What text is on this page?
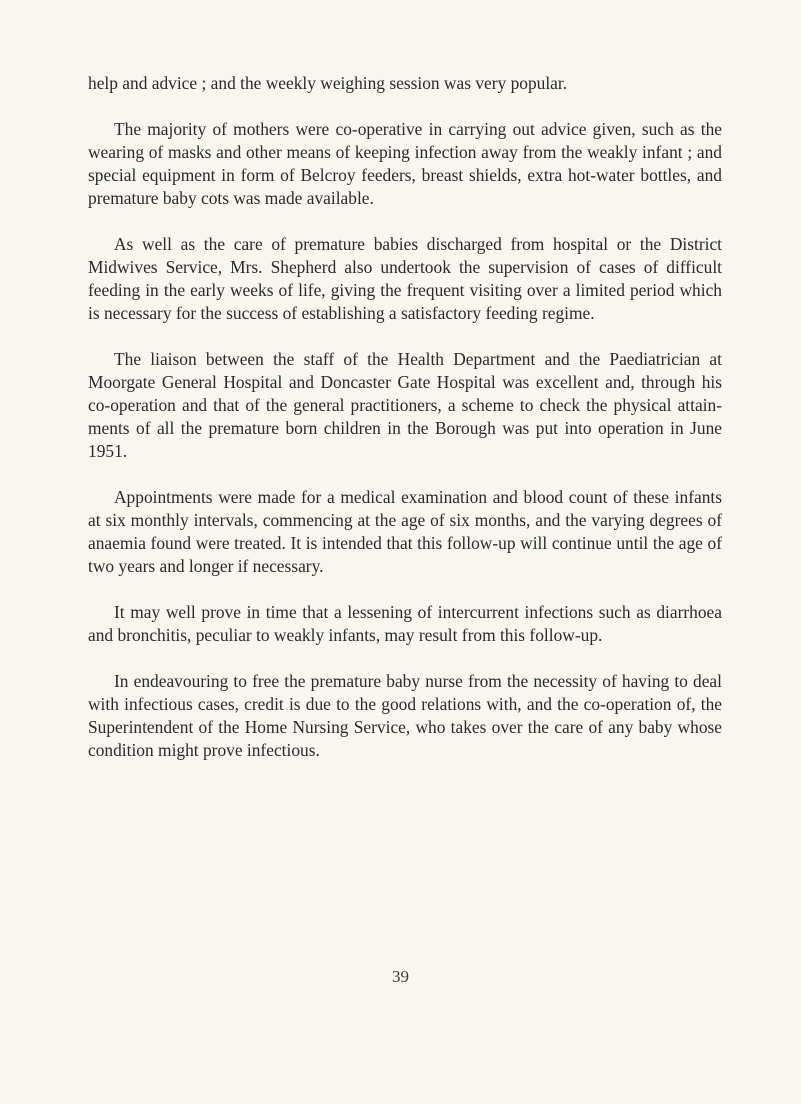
help and advice ; and the weekly weighing session was very popular.

The majority of mothers were co-operative in carrying out advice given, such as the wearing of masks and other means of keeping infection away from the weakly infant ; and special equipment in form of Belcroy feeders, breast shields, extra hot-water bottles, and premature baby cots was made available.

As well as the care of premature babies discharged from hospital or the District Midwives Service, Mrs. Shepherd also undertook the supervision of cases of difficult feeding in the early weeks of life, giving the frequent visiting over a limited period which is necessary for the success of establishing a satisfactory feeding regime.

The liaison between the staff of the Health Department and the Paediatrician at Moorgate General Hospital and Doncaster Gate Hospital was excellent and, through his co-operation and that of the general practitioners, a scheme to check the physical attain- ments of all the premature born children in the Borough was put into operation in June 1951.

Appointments were made for a medical examination and blood count of these infants at six monthly intervals, commencing at the age of six months, and the varying degrees of anaemia found were treated. It is intended that this follow-up will continue until the age of two years and longer if necessary.

It may well prove in time that a lessening of intercurrent infections such as diarrhoea and bronchitis, peculiar to weakly infants, may result from this follow-up.

In endeavouring to free the premature baby nurse from the necessity of having to deal with infectious cases, credit is due to the good relations with, and the co-operation of, the Superintendent of the Home Nursing Service, who takes over the care of any baby whose condition might prove infectious.

39
